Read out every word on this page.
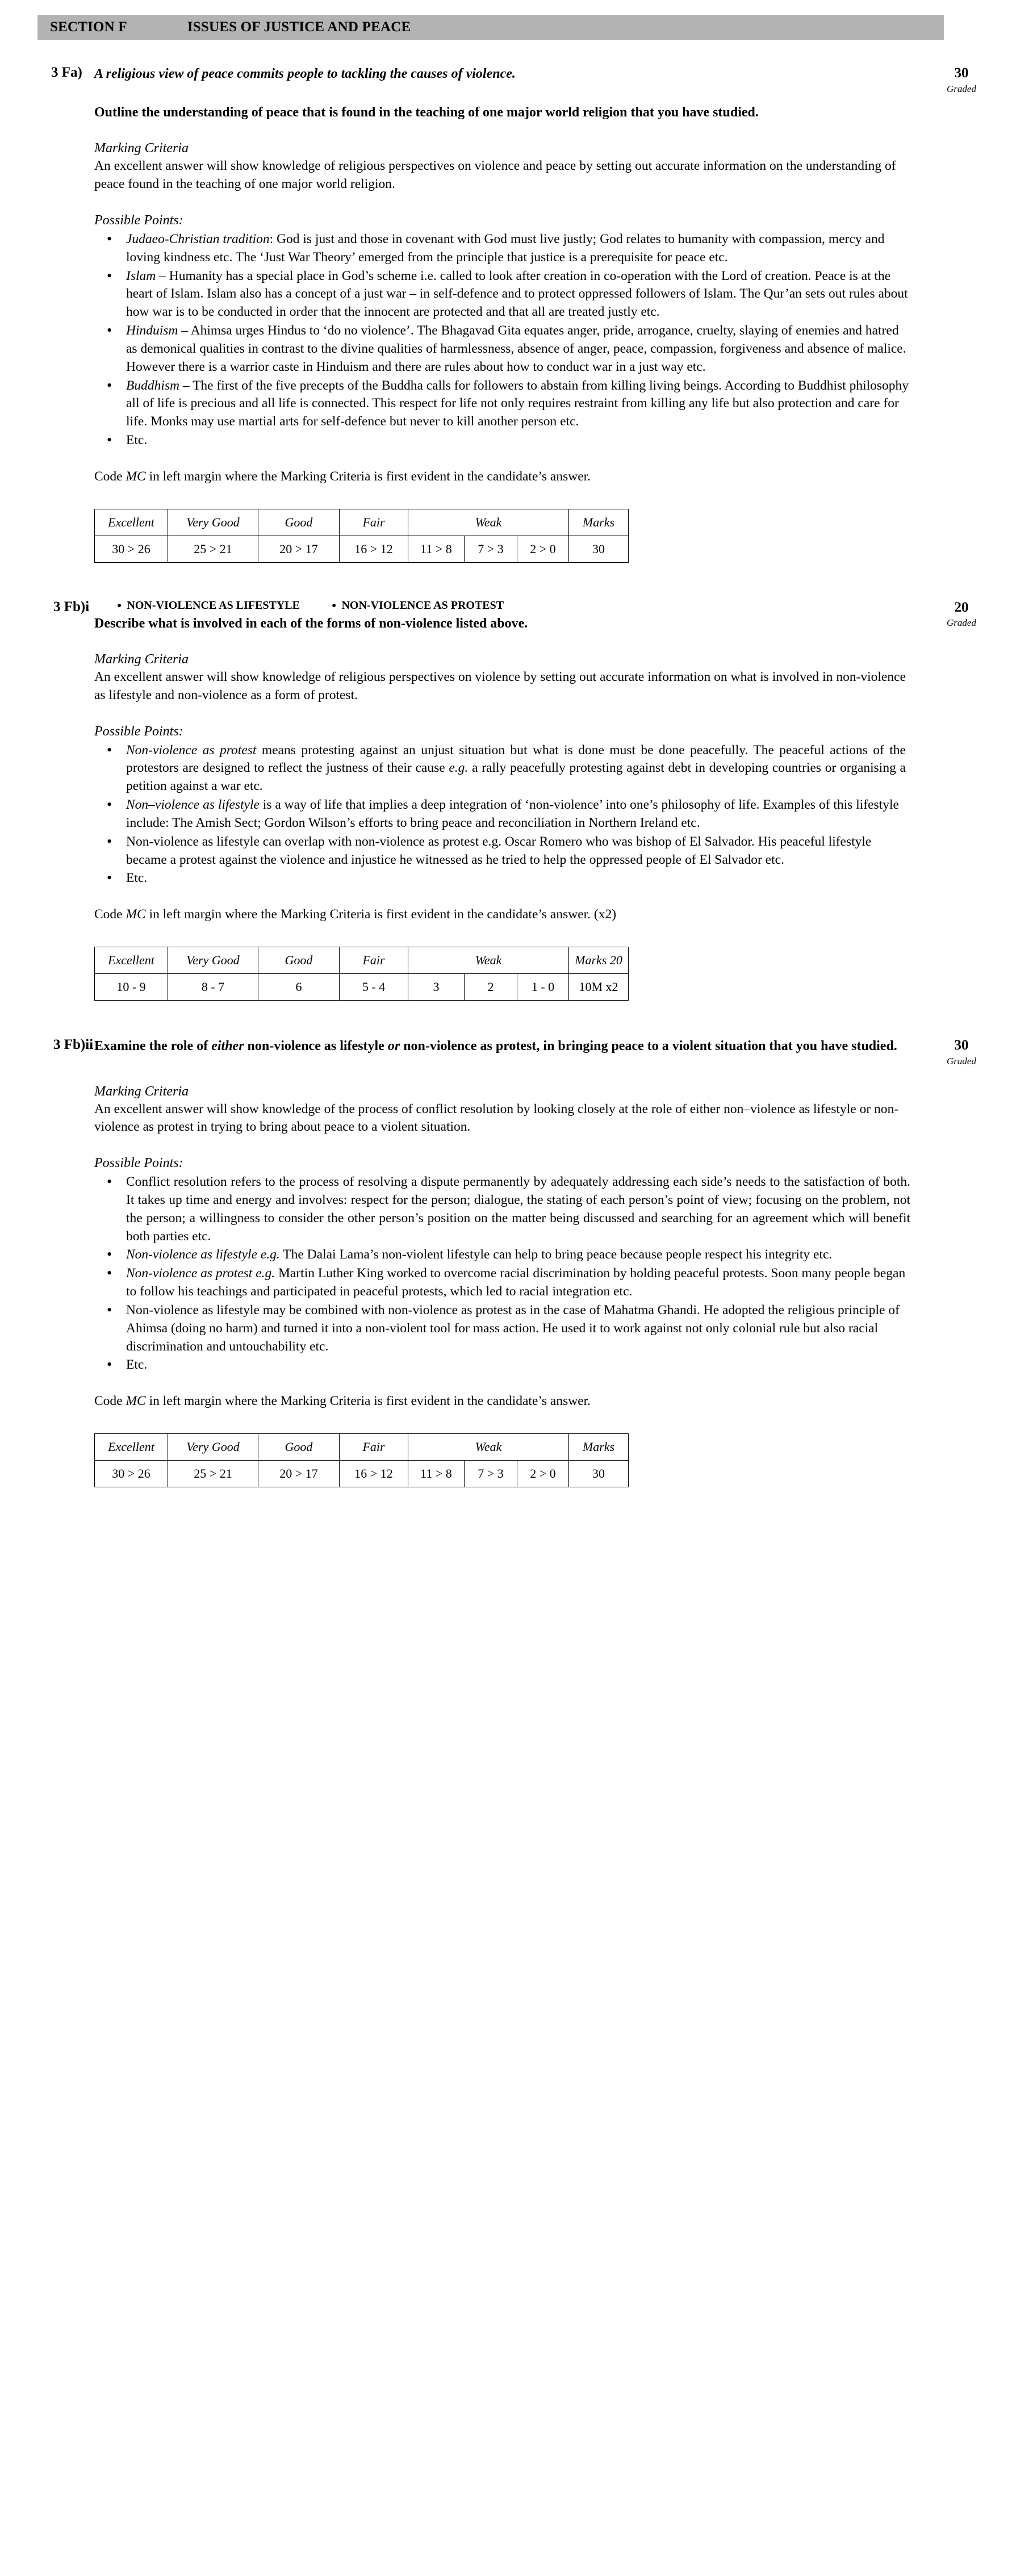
SECTION F	ISSUES OF JUSTICE AND PEACE
3 Fa) A religious view of peace commits people to tackling the causes of violence.

Outline the understanding of peace that is found in the teaching of one major world religion that you have studied.

30
Graded

Marking Criteria

An excellent answer will show knowledge of religious perspectives on violence and peace by setting out accurate information on the understanding of peace found in the teaching of one major world religion.

Possible Points:

• Judaeo-Christian tradition: God is just and those in covenant with God must live justly; God relates to humanity with compassion, mercy and loving kindness etc. The ‘Just War Theory’ emerged from the principle that justice is a prerequisite for peace etc.
• Islam – Humanity has a special place in God’s scheme i.e. called to look after creation in co-operation with the Lord of creation. Peace is at the heart of Islam. Islam also has a concept of a just war – in self-defence and to protect oppressed followers of Islam. The Qur’an sets out rules about how war is to be conducted in order that the innocent are protected and that all are treated justly etc.
• Hinduism – Ahimsa urges Hindus to ‘do no violence’. The Bhagavad Gita equates anger, pride, arrogance, cruelty, slaying of enemies and hatred as demonical qualities in contrast to the divine qualities of harmlessness, absence of anger, peace, compassion, forgiveness and absence of malice. However there is a warrior caste in Hinduism and there are rules about how to conduct war in a just way etc.
• Buddhism – The first of the five precepts of the Buddha calls for followers to abstain from killing living beings. According to Buddhist philosophy all of life is precious and all life is connected. This respect for life not only requires restraint from killing any life but also protection and care for life. Monks may use martial arts for self-defence but never to kill another person etc.
• Etc.

Code MC in left margin where the Marking Criteria is first evident in the candidate’s answer.

Excellent	Very Good	Good	Fair	Weak			Marks
30 > 26	25 > 21	20 > 17	16 > 12	11 > 8	7 > 3	2 > 0	30
3 Fb)i	● NON-VIOLENCE AS LIFESTYLE	● NON-VIOLENCE AS PROTEST

Describe what is involved in each of the forms of non-violence listed above.

20
Graded

Marking Criteria

An excellent answer will show knowledge of religious perspectives on violence by setting out accurate information on what is involved in non-violence as lifestyle and non-violence as a form of protest.

Possible Points:

• Non-violence as protest means protesting against an unjust situation but what is done must be done peacefully. The peaceful actions of the protestors are designed to reflect the justness of their cause e.g. a rally peacefully protesting against debt in developing countries or organising a petition against a war etc.
• Non–violence as lifestyle is a way of life that implies a deep integration of ‘non-violence’ into one’s philosophy of life. Examples of this lifestyle include: The Amish Sect; Gordon Wilson’s efforts to bring peace and reconciliation in Northern Ireland etc.
• Non-violence as lifestyle can overlap with non-violence as protest e.g. Oscar Romero who was bishop of El Salvador. His peaceful lifestyle became a protest against the violence and injustice he witnessed as he tried to help the oppressed people of El Salvador etc.
• Etc.

Code MC in left margin where the Marking Criteria is first evident in the candidate’s answer. (x2)

Excellent	Very Good	Good	Fair	Weak			Marks 20
10 - 9	8 - 7	6	5 - 4	3	2	1 - 0	10M x2
3 Fb)ii Examine the role of either non-violence as lifestyle or non-violence as protest, in bringing peace to a violent situation that you have studied.	30
Graded

Marking Criteria

An excellent answer will show knowledge of the process of conflict resolution by looking closely at the role of either non–violence as lifestyle or non-violence as protest in trying to bring about peace to a violent situation.

Possible Points:

• Conflict resolution refers to the process of resolving a dispute permanently by adequately addressing each side’s needs to the satisfaction of both. It takes up time and energy and involves: respect for the person; dialogue, the stating of each person’s point of view; focusing on the problem, not the person; a willingness to consider the other person’s position on the matter being discussed and searching for an agreement which will benefit both parties etc.
• Non-violence as lifestyle e.g. The Dalai Lama’s non-violent lifestyle can help to bring peace because people respect his integrity etc.
• Non-violence as protest e.g. Martin Luther King worked to overcome racial discrimination by holding peaceful protests. Soon many people began to follow his teachings and participated in peaceful protests, which led to racial integration etc.
• Non-violence as lifestyle may be combined with non-violence as protest as in the case of Mahatma Ghandi. He adopted the religious principle of Ahimsa (doing no harm) and turned it into a non-violent tool for mass action. He used it to work against not only colonial rule but also racial discrimination and untouchability etc.
• Etc.

Code MC in left margin where the Marking Criteria is first evident in the candidate’s answer.

Excellent	Very Good	Good	Fair	Weak			Marks
30 > 26	25 > 21	20 > 17	16 > 12	11 > 8	7 > 3	2 > 0	30
